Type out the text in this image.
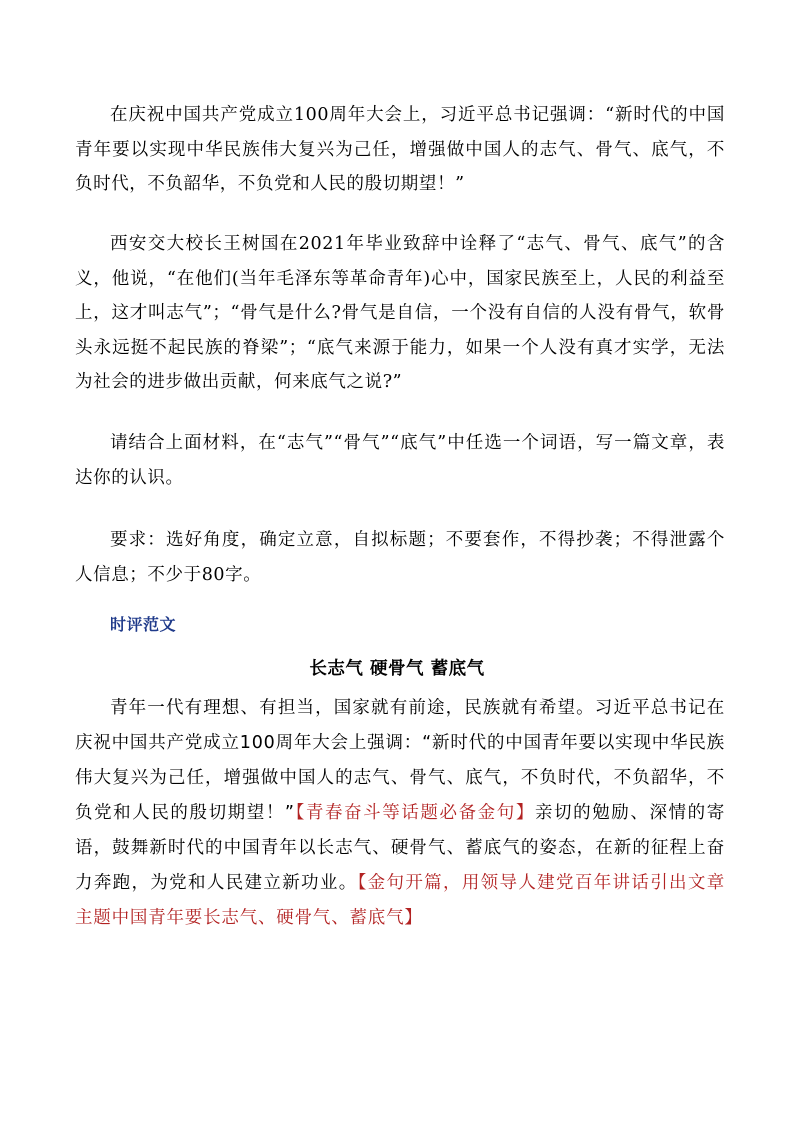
在庆祝中国共产党成立100周年大会上，习近平总书记强调：“新时代的中国青年要以实现中华民族伟大复兴为己任，增强做中国人的志气、骨气、底气，不负时代，不负韶华，不负党和人民的殷切期望！”

西安交大校长王树国在2021年毕业致辞中诠释了“志气、骨气、底气”的含义，他说，“在他们(当年毛泽东等革命青年)心中，国家民族至上，人民的利益至上，这才叫志气”；“骨气是什么?骨气是自信，一个没有自信的人没有骨气，软骨头永远挺不起民族的脊梁”；“底气来源于能力，如果一个人没有真才实学，无法为社会的进步做出贡献，何来底气之说?”

请结合上面材料，在“志气”“骨气”“底气”中任选一个词语，写一篇文章，表达你的认识。

要求：选好角度，确定立意，自拟标题；不要套作，不得抄袭；不得泄露个人信息；不少于80字。

时评范文
长志气 硬骨气 蓄底气

青年一代有理想、有担当，国家就有前途，民族就有希望。习近平总书记在庆祝中国共产党成立100周年大会上强调：“新时代的中国青年要以实现中华民族伟大复兴为己任，增强做中国人的志气、骨气、底气，不负时代，不负韶华，不负党和人民的殷切期望！”【青春奋斗等话题必备金句】亲切的勉励、深情的寄语，鼓舞新时代的中国青年以长志气、硬骨气、蓄底气的姿态，在新的征程上奋力奔跑，为党和人民建立新功业。【金句开篇，用领导人建党百年讲话引出文章主题中国青年要长志气、硬骨气、蓄底气】
